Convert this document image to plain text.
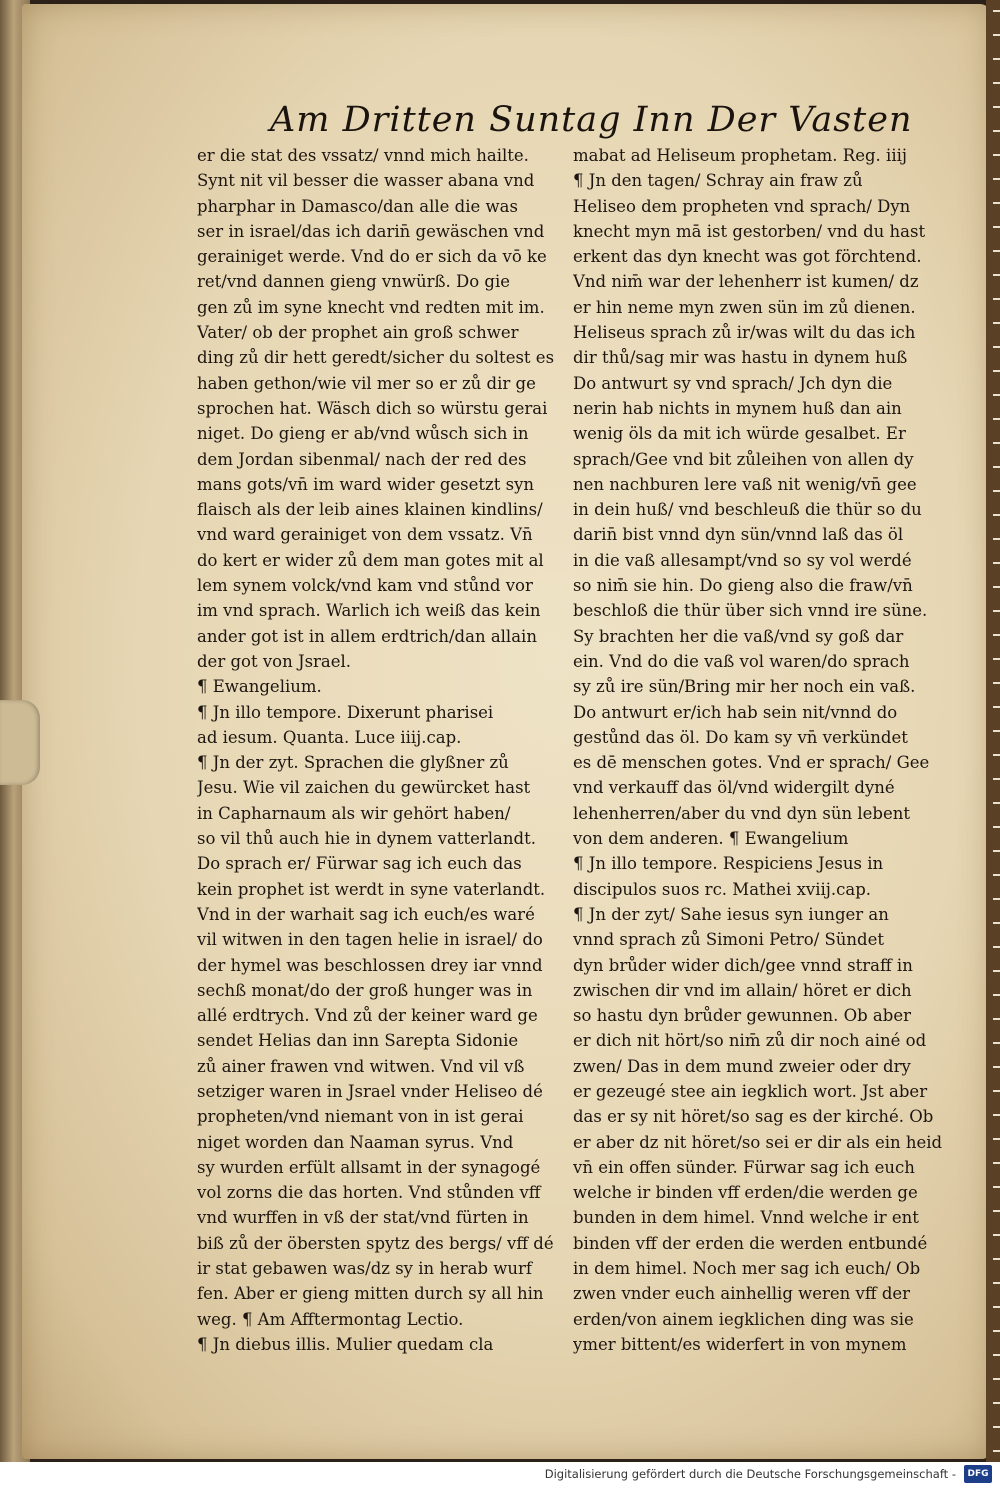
Am Dritten Suntag Inn Der Vasten
er die stat des vssatz/ vnnd mich hailte.
Synt nit vil besser die wasser abana vnd
pharphar in Damasco/dan alle die was
ser in israel/das ich darin̄ gewäschen vnd
gerainiget werde. Vnd do er sich da vō ke
ret/vnd dannen gieng vnwürß. Do gie
gen zů im syne knecht vnd redten mit im.
Vater/ ob der prophet ain groß schwer
ding zů dir hett geredt/sicher du soltest es
haben gethon/wie vil mer so er zů dir ge
sprochen hat. Wäsch dich so würstu gerai
niget. Do gieng er ab/vnd wůsch sich in
dem Jordan sibenmal/ nach der red des
mans gots/vn̄ im ward wider gesetzt syn
flaisch als der leib aines klainen kindlins/
vnd ward gerainiget von dem vssatz. Vn̄
do kert er wider zů dem man gotes mit al
lem synem volck/vnd kam vnd stůnd vor
im vnd sprach. Warlich ich weiß das kein
ander got ist in allem erdtrich/dan allain
der got von Jsrael.
¶ Ewangelium.
¶ Jn illo tempore. Dixerunt pharisei
ad iesum. Quanta. Luce iiij.cap.
¶ Jn der zyt. Sprachen die glyßner zů
Jesu. Wie vil zaichen du gewürcket hast
in Capharnaum als wir gehört haben/
so vil thů auch hie in dynem vatterlandt.
Do sprach er/ Fürwar sag ich euch das
kein prophet ist werdt in syne vaterlandt.
Vnd in der warhait sag ich euch/es waré
vil witwen in den tagen helie in israel/ do
der hymel was beschlossen drey iar vnnd
sechß monat/do der groß hunger was in
allé erdtrych. Vnd zů der keiner ward ge
sendet Helias dan inn Sarepta Sidonie
zů ainer frawen vnd witwen. Vnd vil vß
setziger waren in Jsrael vnder Heliseo dé
propheten/vnd niemant von in ist gerai
niget worden dan Naaman syrus. Vnd
sy wurden erfült allsamt in der synagogé
vol zorns die das horten. Vnd stůnden vff
vnd wurffen in vß der stat/vnd fürten in
biß zů der öbersten spytz des bergs/ vff dé
ir stat gebawen was/dz sy in herab wurf
fen. Aber er gieng mitten durch sy all hin
weg. ¶ Am Afftermontag Lectio.
¶ Jn diebus illis. Mulier quedam cla
mabat ad Heliseum prophetam. Reg. iiij
¶ Jn den tagen/ Schray ain fraw zů
Heliseo dem propheten vnd sprach/ Dyn
knecht myn mā ist gestorben/ vnd du hast
erkent das dyn knecht was got förchtend.
Vnd nim̄ war der lehenherr ist kumen/ dz
er hin neme myn zwen sün im zů dienen.
Heliseus sprach zů ir/was wilt du das ich
dir thů/sag mir was hastu in dynem huß
Do antwurt sy vnd sprach/ Jch dyn die
nerin hab nichts in mynem huß dan ain
wenig öls da mit ich würde gesalbet. Er
sprach/Gee vnd bit zůleihen von allen dy
nen nachburen lere vaß nit wenig/vn̄ gee
in dein huß/ vnd beschleuß die thür so du
darin̄ bist vnnd dyn sün/vnnd laß das öl
in die vaß allesampt/vnd so sy vol werdé
so nim̄ sie hin. Do gieng also die fraw/vn̄
beschloß die thür über sich vnnd ire süne.
Sy brachten her die vaß/vnd sy goß dar
ein. Vnd do die vaß vol waren/do sprach
sy zů ire sün/Bring mir her noch ein vaß.
Do antwurt er/ich hab sein nit/vnnd do
gestůnd das öl. Do kam sy vn̄ verkündet
es dē menschen gotes. Vnd er sprach/ Gee
vnd verkauff das öl/vnd widergilt dyné
lehenherren/aber du vnd dyn sün lebent
von dem anderen. ¶ Ewangelium
¶ Jn illo tempore. Respiciens Jesus in
discipulos suos rc. Mathei xviij.cap.
¶ Jn der zyt/ Sahe iesus syn iunger an
vnnd sprach zů Simoni Petro/ Sündet
dyn brůder wider dich/gee vnnd straff in
zwischen dir vnd im allain/ höret er dich
so hastu dyn brůder gewunnen. Ob aber
er dich nit hört/so nim̄ zů dir noch ainé od
zwen/ Das in dem mund zweier oder dry
er gezeugé stee ain iegklich wort. Jst aber
das er sy nit höret/so sag es der kirché. Ob
er aber dz nit höret/so sei er dir als ein heid
vn̄ ein offen sünder. Fürwar sag ich euch
welche ir binden vff erden/die werden ge
bunden in dem himel. Vnnd welche ir ent
binden vff der erden die werden entbundé
in dem himel. Noch mer sag ich euch/ Ob
zwen vnder euch ainhellig weren vff der
erden/von ainem iegklichen ding was sie
ymer bittent/es widerfert in von mynem
Digitalisierung gefördert durch die Deutsche Forschungsgemeinschaft -	DFG
